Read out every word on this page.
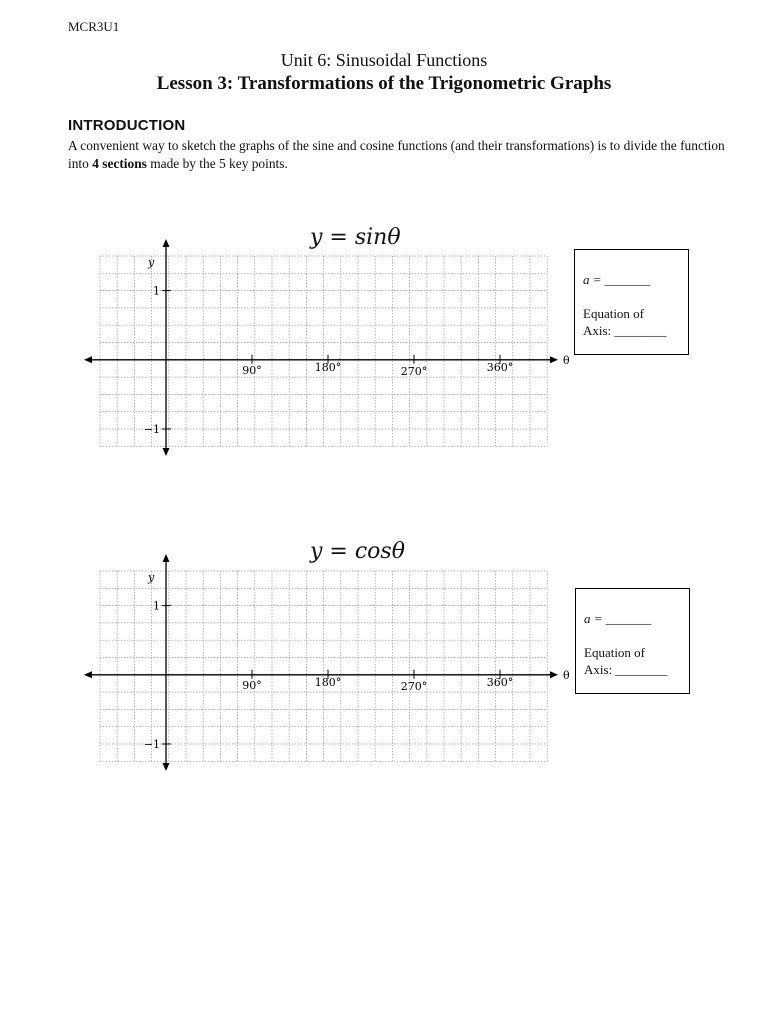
MCR3U1
Unit 6: Sinusoidal Functions
Lesson 3: Transformations of the Trigonometric Graphs
INTRODUCTION
A convenient way to sketch the graphs of the sine and cosine functions (and their transformations) is to divide the function into 4 sections made by the 5 key points.
y = sinθ
y
θ
1
−1
90°	180°	270°	360°
a = _______
Equation of
Axis: ________
y = cosθ
y
θ
1
−1
90°	180°	270°	360°
a = _______
Equation of
Axis: ________
